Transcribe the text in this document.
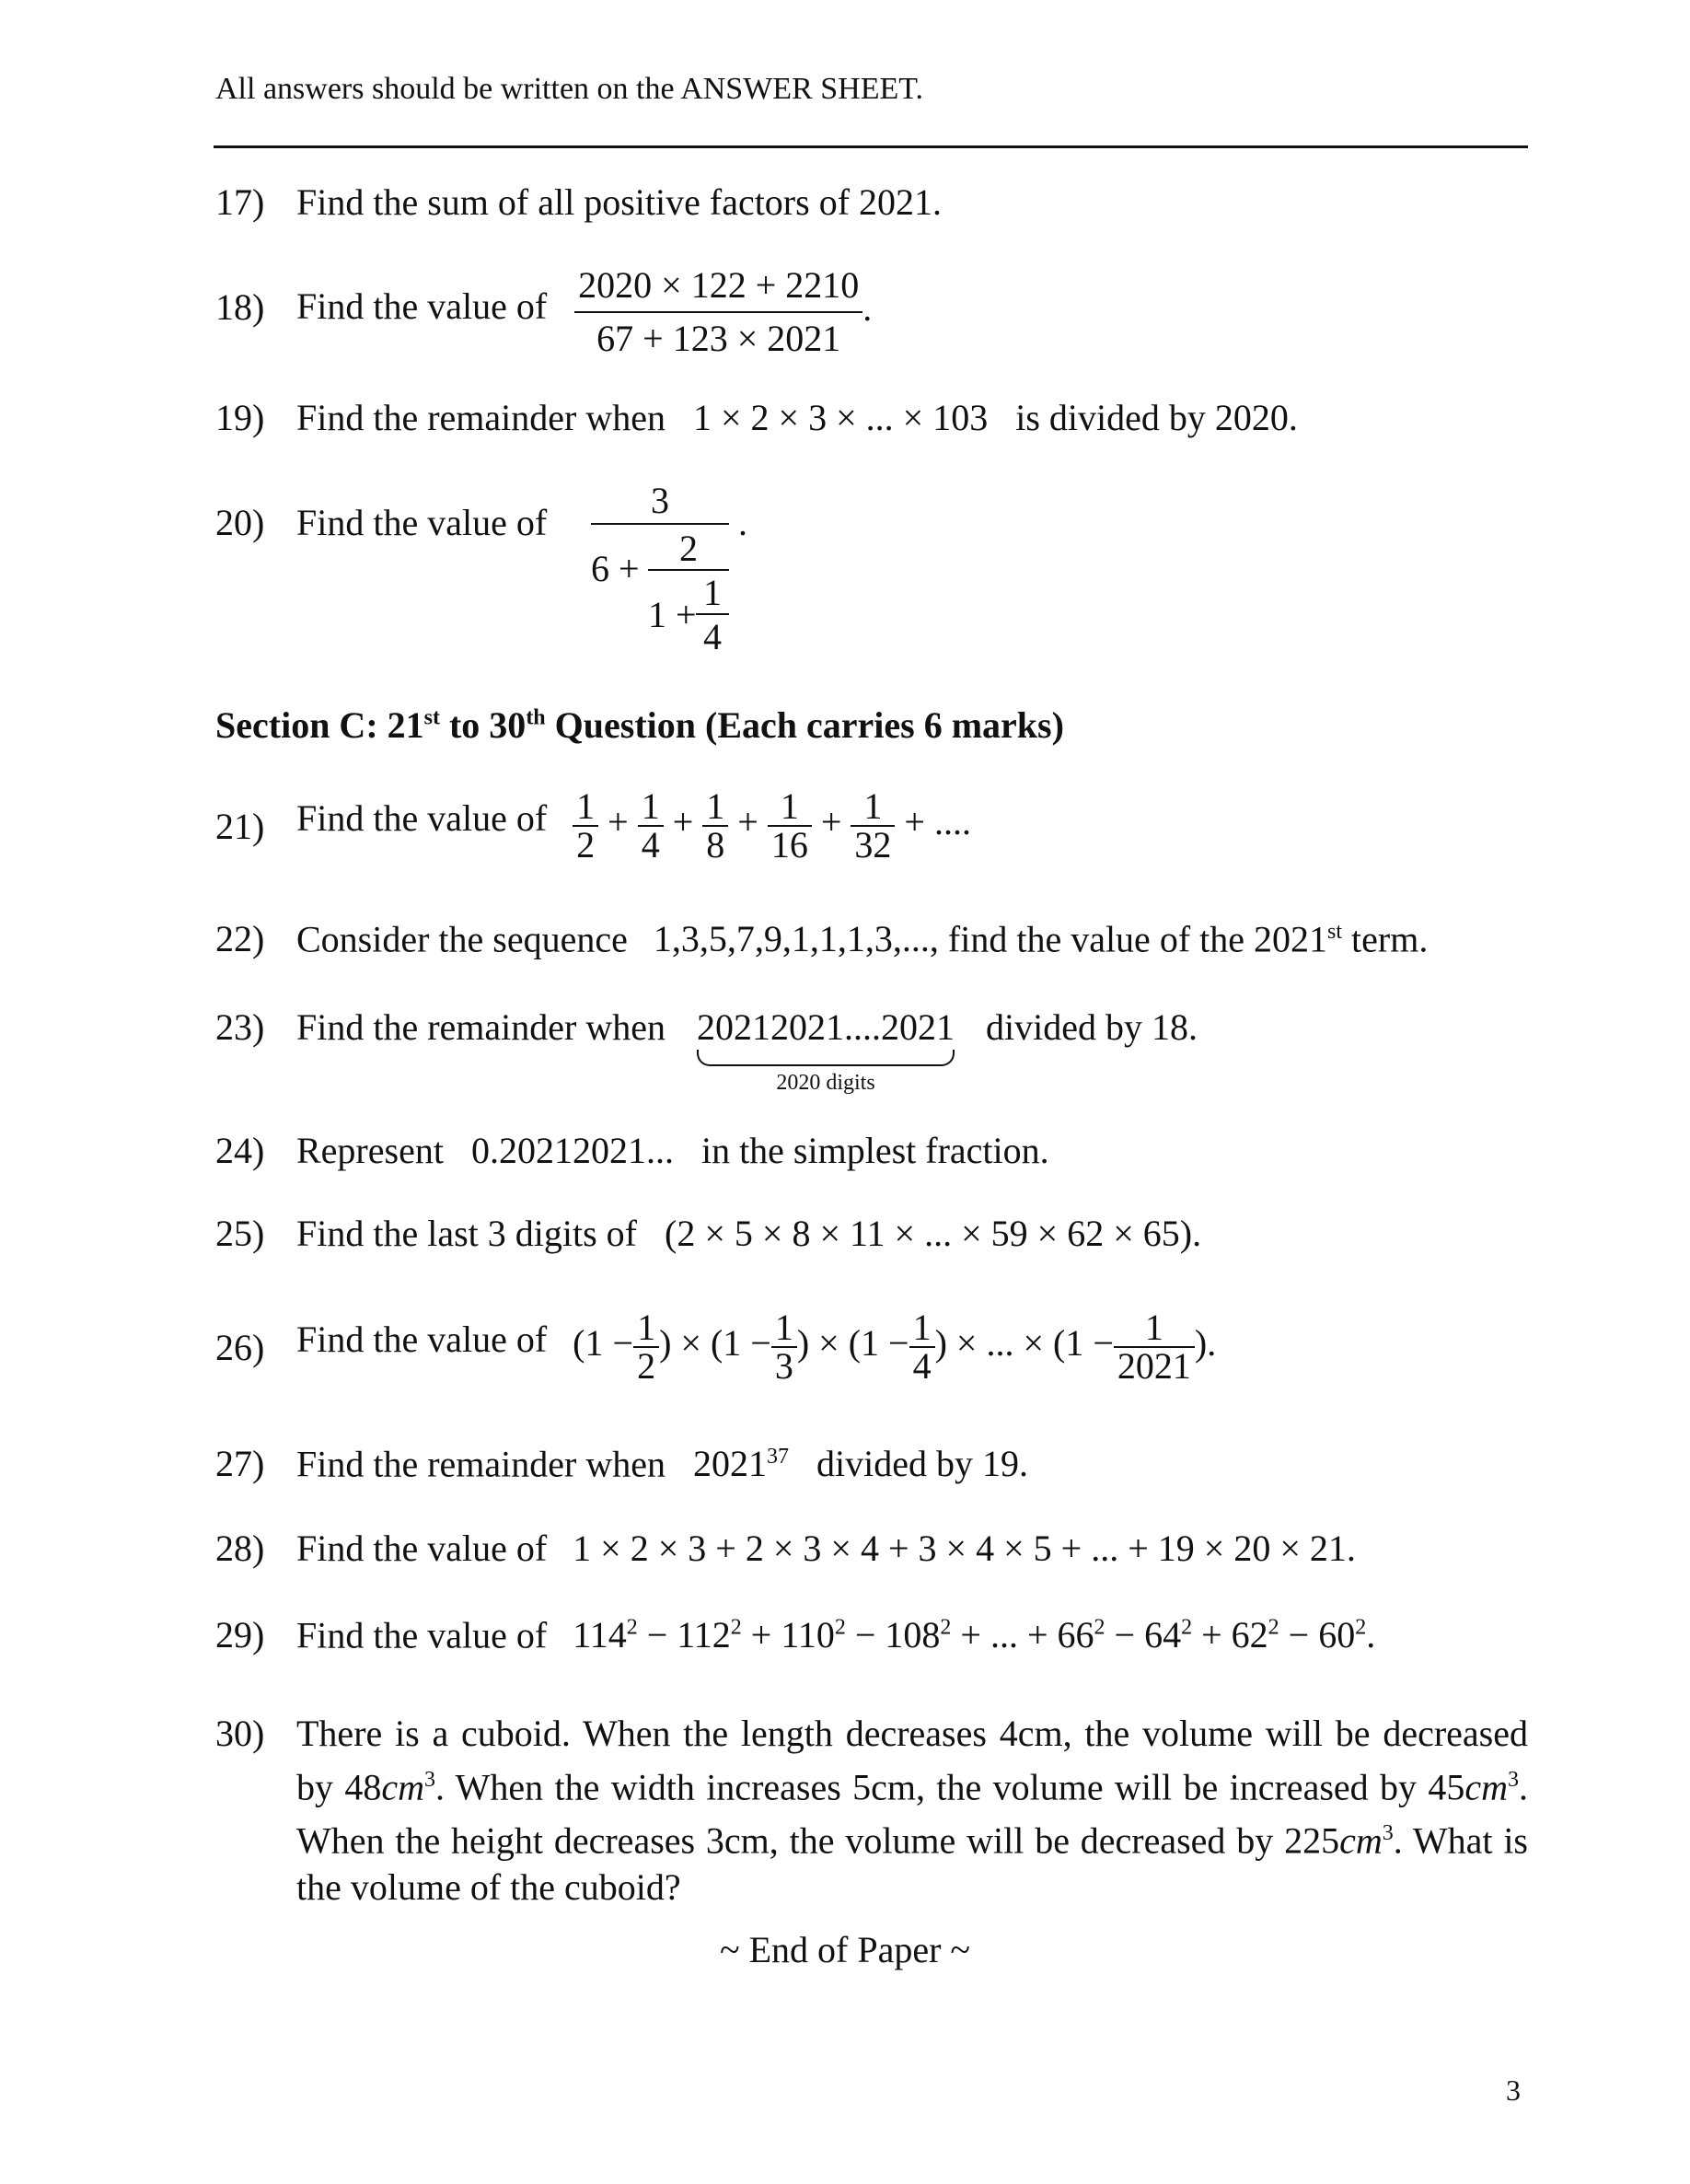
All answers should be written on the ANSWER SHEET.
17) Find the sum of all positive factors of 2021.
18) Find the value of $\frac{2020 \times 122 + 2210}{67 + 123 \times 2021}$ .
19) Find the remainder when 1 × 2 × 3 × ... × 103 is divided by 2020.
20) Find the value of
3
6 +	2
1 +
1
4
.
Section C: 21st to 30th Question (Each carries 6 marks)
21) Find the value of $\frac{1}{2} + \frac{1}{4} + \frac{1}{8} + \frac{1}{16} + \frac{1}{32}$ + ....
22) Consider the sequence 1,3,5,7,9,1,1,1,3,..., find the value of the 2021st term.
23) Find the remainder when 20212021....2021
2020 digits
divided by 18.
24) Represent 0.20212021... in the simplest fraction.
25) Find the last 3 digits of (2 × 5 × 8 × 11 × ... × 59 × 62 × 65).
26) Find the value of ($1 - \frac{1}{2}$ ) × ($1 - \frac{1}{3}$ ) × ($1 - \frac{1}{4}$ ) × ... × ($1 - \frac{1}{2021}$ ).
27) Find the remainder when 2021$^{37}$ divided by 19.
28) Find the value of 1 × 2 × 3 + 2 × 3 × 4 + 3 × 4 × 5 + ... + 19 × 20 × 21.
29) Find the value of $114^2 - 112^2 + 110^2 - 108^2$ + ... + $66^2 - 64^2 + 62^2 - 60^2$.
30) There is a cuboid. When the length decreases 4cm, the volume will be decreased by $48cm^3$. When the width increases 5cm, the volume will be increased by $45cm^3$. When the height decreases 3cm, the volume will be decreased by $225cm^3$. What is the volume of the cuboid?
~ End of Paper ~
3
